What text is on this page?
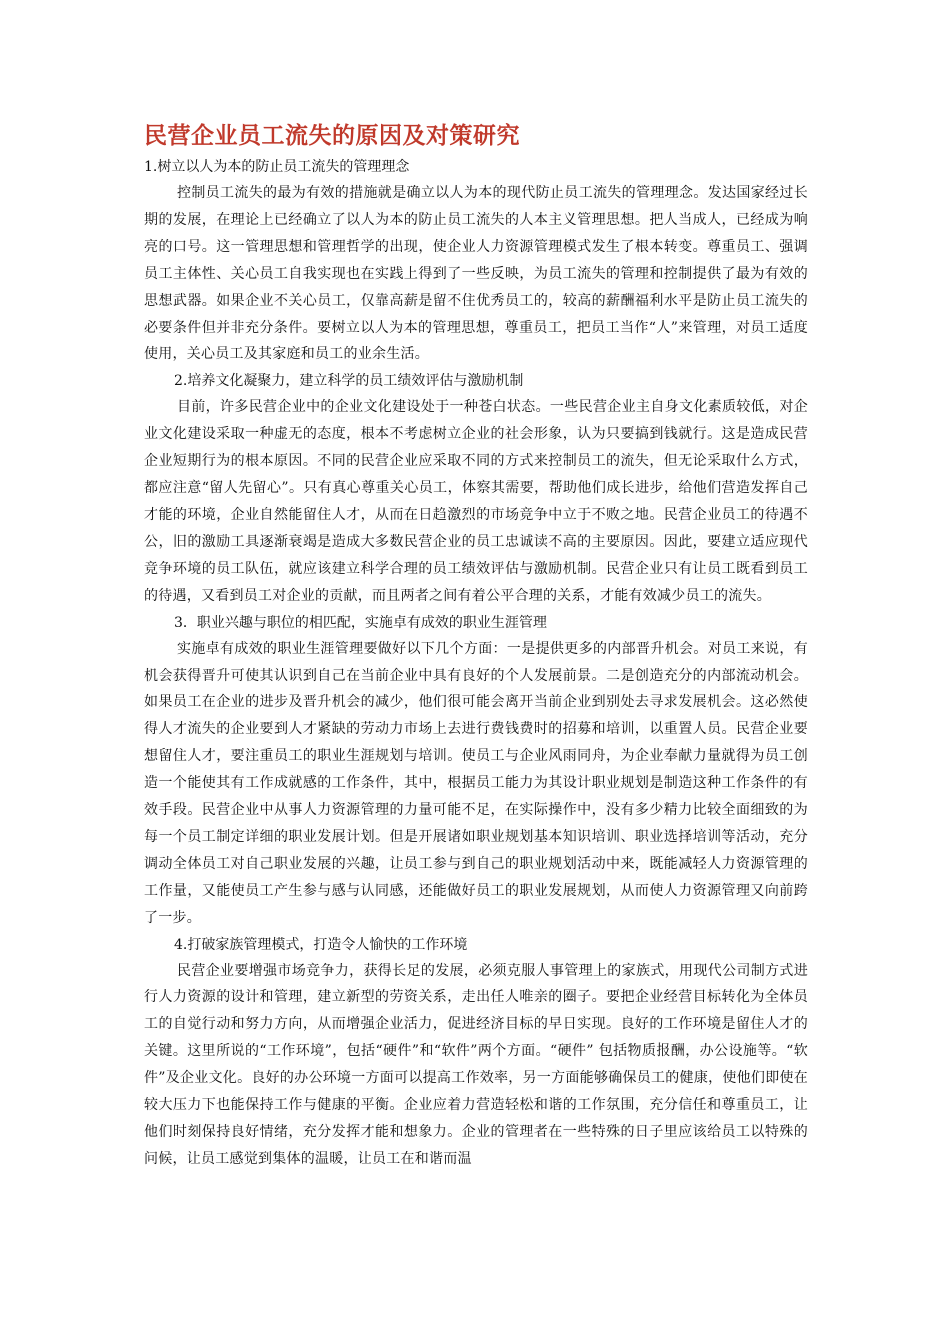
民营企业员工流失的原因及对策研究

1.树立以人为本的防止员工流失的管理理念

控制员工流失的最为有效的措施就是确立以人为本的现代防止员工流失的管理理念。发达国家经过长期的发展，在理论上已经确立了以人为本的防止员工流失的人本主义管理思想。把人当成人，已经成为响亮的口号。这一管理思想和管理哲学的出现，使企业人力资源管理模式发生了根本转变。尊重员工、强调员工主体性、关心员工自我实现也在实践上得到了一些反映，为员工流失的管理和控制提供了最为有效的思想武器。如果企业不关心员工，仅靠高薪是留不住优秀员工的，较高的薪酬福利水平是防止员工流失的必要条件但并非充分条件。要树立以人为本的管理思想，尊重员工，把员工当作“人”来管理，对员工适度使用，关心员工及其家庭和员工的业余生活。

2.培养文化凝聚力，建立科学的员工绩效评估与激励机制

目前，许多民营企业中的企业文化建设处于一种苍白状态。一些民营企业主自身文化素质较低，对企业文化建设采取一种虚无的态度，根本不考虑树立企业的社会形象，认为只要搞到钱就行。这是造成民营企业短期行为的根本原因。不同的民营企业应采取不同的方式来控制员工的流失，但无论采取什么方式，都应注意“留人先留心”。只有真心尊重关心员工，体察其需要，帮助他们成长进步，给他们营造发挥自己才能的环境，企业自然能留住人才，从而在日趋激烈的市场竞争中立于不败之地。民营企业员工的待遇不公，旧的激励工具逐渐衰竭是造成大多数民营企业的员工忠诚读不高的主要原因。因此，要建立适应现代竞争环境的员工队伍，就应该建立科学合理的员工绩效评估与激励机制。民营企业只有让员工既看到员工的待遇，又看到员工对企业的贡献，而且两者之间有着公平合理的关系，才能有效减少员工的流失。

3．职业兴趣与职位的相匹配，实施卓有成效的职业生涯管理

实施卓有成效的职业生涯管理要做好以下几个方面：一是提供更多的内部晋升机会。对员工来说，有机会获得晋升可使其认识到自己在当前企业中具有良好的个人发展前景。二是创造充分的内部流动机会。如果员工在企业的进步及晋升机会的减少，他们很可能会离开当前企业到别处去寻求发展机会。这必然使得人才流失的企业要到人才紧缺的劳动力市场上去进行费钱费时的招募和培训，以重置人员。民营企业要想留住人才，要注重员工的职业生涯规划与培训。使员工与企业风雨同舟，为企业奉献力量就得为员工创造一个能使其有工作成就感的工作条件，其中，根据员工能力为其设计职业规划是制造这种工作条件的有效手段。民营企业中从事人力资源管理的力量可能不足，在实际操作中，没有多少精力比较全面细致的为每一个员工制定详细的职业发展计划。但是开展诸如职业规划基本知识培训、职业选择培训等活动，充分调动全体员工对自己职业发展的兴趣，让员工参与到自己的职业规划活动中来，既能减轻人力资源管理的工作量，又能使员工产生参与感与认同感，还能做好员工的职业发展规划，从而使人力资源管理又向前跨了一步。

4.打破家族管理模式，打造令人愉快的工作环境

民营企业要增强市场竞争力，获得长足的发展，必须克服人事管理上的家族式，用现代公司制方式进行人力资源的设计和管理，建立新型的劳资关系，走出任人唯亲的圈子。要把企业经营目标转化为全体员工的自觉行动和努力方向，从而增强企业活力，促进经济目标的早日实现。良好的工作环境是留住人才的关键。这里所说的“工作环境”，包括“硬件”和“软件”两个方面。“硬件” 包括物质报酬，办公设施等。“软件”及企业文化。良好的办公环境一方面可以提高工作效率，另一方面能够确保员工的健康，使他们即使在较大压力下也能保持工作与健康的平衡。企业应着力营造轻松和谐的工作氛围，充分信任和尊重员工，让他们时刻保持良好情绪，充分发挥才能和想象力。企业的管理者在一些特殊的日子里应该给员工以特殊的问候，让员工感觉到集体的温暖，让员工在和谐而温
